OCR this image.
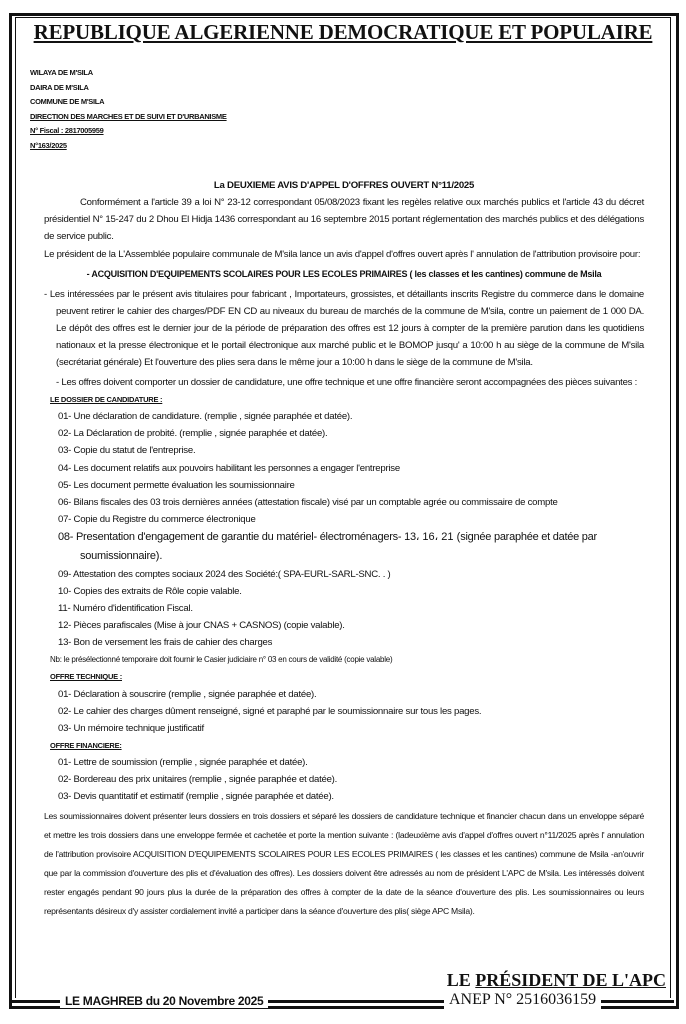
REPUBLIQUE ALGERIENNE DEMOCRATIQUE ET POPULAIRE
WILAYA DE M'SILA
DAIRA DE M'SILA
COMMUNE DE M'SILA
DIRECTION DES MARCHES ET DE SUIVI ET D'URBANISME
N° Fiscal : 2817005959
N°163/2025
La DEUXIEME AVIS D'APPEL D'OFFRES OUVERT N°11/2025
Conformément a l'article 39 a loi N° 23-12 correspondant 05/08/2023 fixant les regèles relative oux marchés publics et l'article 43 du décret présidentiel N° 15-247 du 2 Dhou El Hidja 1436 correspondant au 16 septembre 2015 portant réglementation des marchés publics et des délégations de service public.
Le président de la L'Assemblée populaire communale de M'sila lance un avis d'appel d'offres ouvert après l' annulation de l'attribution provisoire pour:
- ACQUISITION D'EQUIPEMENTS SCOLAIRES POUR LES ECOLES PRIMAIRES ( les classes et les cantines) commune de Msila
- Les intéressées par le présent avis titulaires pour fabricant , Importateurs, grossistes, et détaillants inscrits Registre du commerce dans le domaine peuvent retirer le cahier des charges/PDF EN CD au niveaux du bureau de marchés de la commune de M'sila, contre un paiement de 1 000 DA. Le dépôt des offres est le dernier jour de la période de préparation des offres est 12 jours à compter de la première parution dans les quotidiens nationaux et la presse électronique et le portail électronique aux marché public et le BOMOP jusqu' a 10:00 h au siège de la commune de M'sila (secrétariat générale) Et l'ouverture des plies sera dans le même jour a 10:00 h dans le siège de la commune de M'sila.
- Les offres doivent comporter un dossier de candidature, une offre technique et une offre financière seront accompagnées des pièces suivantes :
LE DOSSIER DE CANDIDATURE :
01- Une déclaration de candidature. (remplie , signée paraphée et datée).
02- La Déclaration de probité. (remplie , signée paraphée et datée).
03- Copie du statut de l'entreprise.
04- Les document relatifs aux pouvoirs habilitant les personnes a engager l'entreprise
05- Les document permette évaluation les soumissionnaire
06- Bilans fiscales des 03 trois dernières années (attestation fiscale) visé par un comptable agrée ou commissaire de compte
07- Copie du Registre du commerce électronique
08- Presentation d'engagement de garantie du matériel- électroménagers- 13، 16، 21 (signée paraphée et datée par soumissionnaire).
09- Attestation des comptes sociaux 2024 des Société:( SPA-EURL-SARL-SNC. . )
10- Copies des extraits de Rôle copie valable.
11- Numéro d'identification Fiscal.
12- Pièces parafiscales (Mise à jour CNAS + CASNOS) (copie valable).
13- Bon de versement les frais de cahier des charges
Nb: le présélectionné temporaire doit fournir le Casier judiciaire n° 03 en cours de validité (copie valable)
OFFRE TECHNIQUE :
01- Déclaration à souscrire (remplie , signée paraphée et datée).
02- Le cahier des charges dûment renseigné, signé et paraphé par le soumissionnaire sur tous les pages.
03- Un mémoire technique justificatif
OFFRE FINANCIERE:
01- Lettre de soumission (remplie , signée paraphée et datée).
02- Bordereau des prix unitaires (remplie , signée paraphée et datée).
03- Devis quantitatif et estimatif (remplie , signée paraphée et datée).
Les soumissionnaires doivent présenter leurs dossiers en trois dossiers et séparé les dossiers de candidature technique et financier chacun dans un enveloppe séparé et mettre les trois dossiers dans une enveloppe fermée et cachetée et porte la mention suivante : (ladeuxième avis d'appel d'offres ouvert n°11/2025 après l' annulation de l'attribution provisoire ACQUISITION D'EQUIPEMENTS SCOLAIRES POUR LES ECOLES PRIMAIRES ( les classes et les cantines) commune de Msila -an'ouvrir que par la commission d'ouverture des plis et d'évaluation des offres). Les dossiers doivent être adressés au nom de président L'APC de M'sila. Les intéressés doivent rester engagés pendant 90 jours plus la durée de la préparation des offres à compter de la date de la séance d'ouverture des plis. Les soumissionnaires ou leurs représentants désireux d'y assister cordialement invité a participer dans la séance d'ouverture des plis( siège APC Msila).
LE PRÉSIDENT DE L'APC
LE MAGHREB du 20 Novembre 2025	ANEP N° 2516036159
